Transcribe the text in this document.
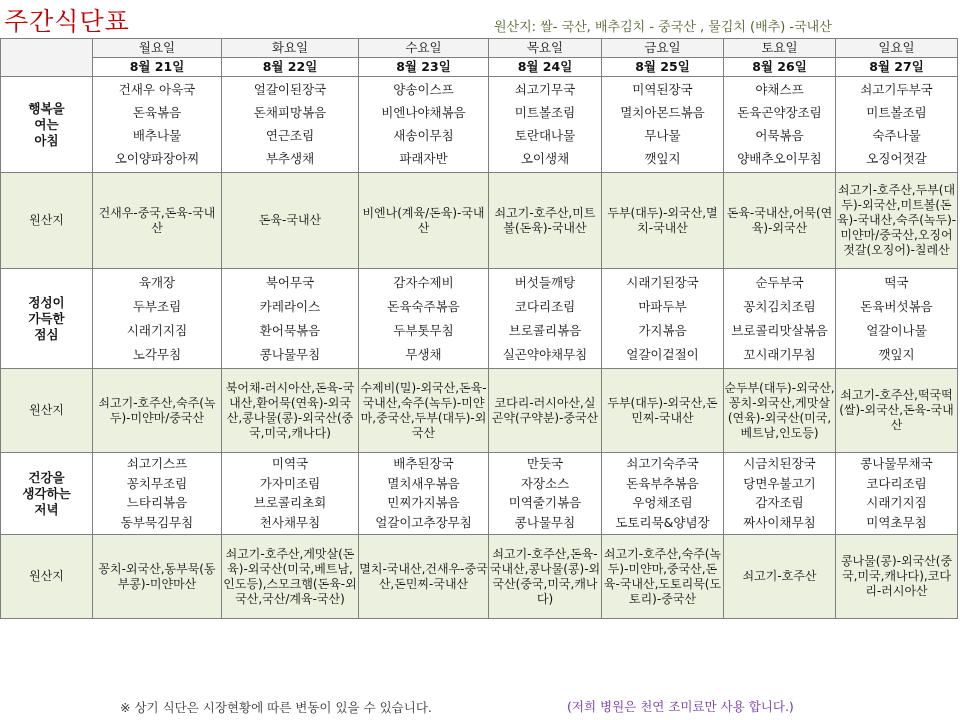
주간식단표	원산지: 쌀- 국산, 배추김치 - 중국산 , 물김치 (배추) -국내산
	월요일	화요일	수요일	목요일	금요일	토요일	일요일
	8월 21일	8월 22일	8월 23일	8월 24일	8월 25일	8월 26일	8월 27일
행복을
여는
아침	건새우 아욱국
돈육볶음
배추나물
오이양파장아찌	얼갈이된장국
돈채피망볶음
연근조림
부추생채	양송이스프
비엔나야채볶음
새송이무침
파래자반	쇠고기무국
미트볼조림
토란대나물
오이생채	미역된장국
멸치아몬드볶음
무나물
깻잎지	야채스프
돈육곤약장조림
어묵볶음
양배추오이무침	쇠고기두부국
미트볼조림
숙주나물
오징어젓갈

원산지	건새우-중국,돈육-국내산	돈육-국내산	비엔나(계육/돈육)-국내산	쇠고기-호주산,미트볼(돈육)-국내산	두부(대두)-외국산,멸치-국내산	돈육-국내산,어묵(연육)-외국산	쇠고기-호주산,두부(대두)-외국산,미트볼(돈육)-국내산,숙주(녹두)-미얀마/중국산,오징어젓갈(오징어)-칠레산
정성이
가득한
점심	육개장
두부조림
시래기지짐
노각무침	북어무국
카레라이스
환어묵볶음
콩나물무침	감자수제비
돈육숙주볶음
두부톳무침
무생채	버섯들깨탕
코다리조림
브로콜리볶음
실곤약야채무침	시래기된장국
마파두부
가지볶음
얼갈이겉절이	순두부국
꽁치김치조림
브로콜리맛살볶음
꼬시래기무침	떡국
돈육버섯볶음
얼갈이나물
깻잎지

원산지	쇠고기-호주산,숙주(녹두)-미얀마/중국산	북어채-러시아산,돈육-국내산,환어묵(연육)-외국산,콩나물(콩)-외국산(중국,미국,캐나다)	수제비(밀)-외국산,돈육-국내산,숙주(녹두)-미얀마,중국산,두부(대두)-외국산	코다리-러시아산,실곤약(구약분)-중국산	두부(대두)-외국산,돈민찌-국내산	순두부(대두)-외국산,꽁치-외국산,게맛살(연육)-외국산(미국,베트남,인도등)	쇠고기-호주산,떡국떡(쌀)-외국산,돈육-국내산
건강을
생각하는
저녁	쇠고기스프
꽁치무조림
느타리볶음
동부묵김무침	미역국
가자미조림
브로콜리초회
천사채무침	배추된장국
멸치새우볶음
민찌가지볶음
얼갈이고추장무침	만둣국
자장소스
미역줄기볶음
콩나물무침	쇠고기숙주국
돈육부추볶음
우엉채조림
도토리묵&양념장	시금치된장국
당면우불고기
감자조림
짜사이채무침	콩나물무채국
코다리조림
시래기지짐
미역초무침

원산지	꽁치-외국산,동부묵(동부콩)-미얀마산	쇠고기-호주산,게맛살(돈육)-외국산(미국,베트남,인도등),스모크햄(돈육-외국산,국산/계육-국산)	멸치-국내산,건새우-중국산,돈민찌-국내산	쇠고기-호주산,돈육-국내산,콩나물(콩)-외국산(중국,미국,캐나다)	쇠고기-호주산,숙주(녹두)-미얀마,중국산,돈육-국내산,도토리묵(도토리)-중국산	쇠고기-호주산	콩나물(콩)-외국산(중국,미국,캐나다),코다리-러시아산
※ 상기 식단은 시장현황에 따른 변동이 있을 수 있습니다.	(저희 병원은 천연 조미료만 사용 합니다.)
